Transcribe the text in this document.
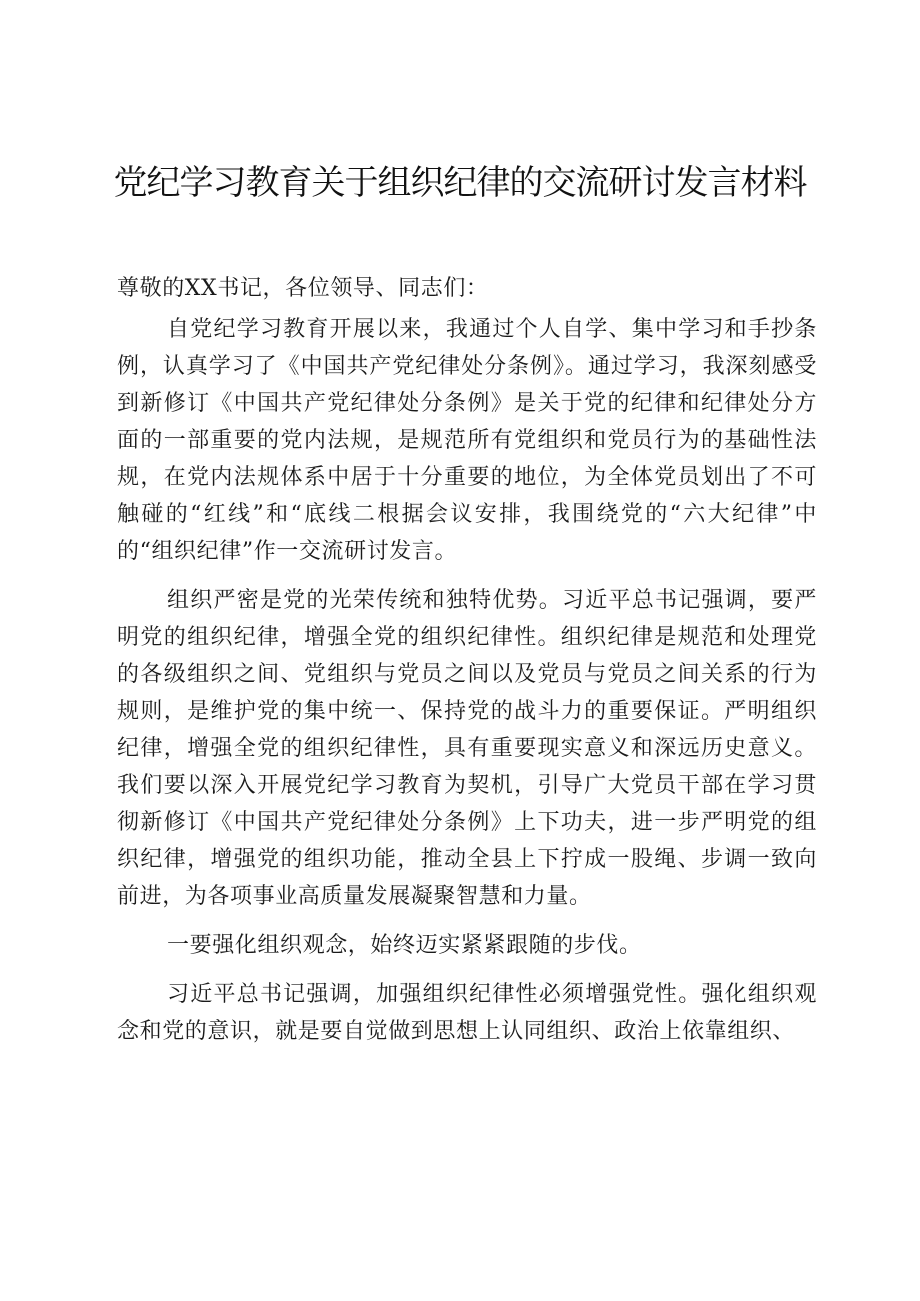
党纪学习教育关于组织纪律的交流研讨发言材料

尊敬的XX书记，各位领导、同志们：

自党纪学习教育开展以来，我通过个人自学、集中学习和手抄条例，认真学习了《中国共产党纪律处分条例》。通过学习，我深刻感受到新修订《中国共产党纪律处分条例》是关于党的纪律和纪律处分方面的一部重要的党内法规，是规范所有党组织和党员行为的基础性法规，在党内法规体系中居于十分重要的地位，为全体党员划出了不可触碰的“红线”和“底线二根据会议安排，我围绕党的“六大纪律”中的“组织纪律”作一交流研讨发言。

组织严密是党的光荣传统和独特优势。习近平总书记强调，要严明党的组织纪律，增强全党的组织纪律性。组织纪律是规范和处理党的各级组织之间、党组织与党员之间以及党员与党员之间关系的行为规则，是维护党的集中统一、保持党的战斗力的重要保证。严明组织纪律，增强全党的组织纪律性，具有重要现实意义和深远历史意义。我们要以深入开展党纪学习教育为契机，引导广大党员干部在学习贯彻新修订《中国共产党纪律处分条例》上下功夫，进一步严明党的组织纪律，增强党的组织功能，推动全县上下拧成一股绳、步调一致向前进，为各项事业高质量发展凝聚智慧和力量。

一要强化组织观念，始终迈实紧紧跟随的步伐。

习近平总书记强调，加强组织纪律性必须增强党性。强化组织观念和党的意识，就是要自觉做到思想上认同组织、政治上依靠组织、
